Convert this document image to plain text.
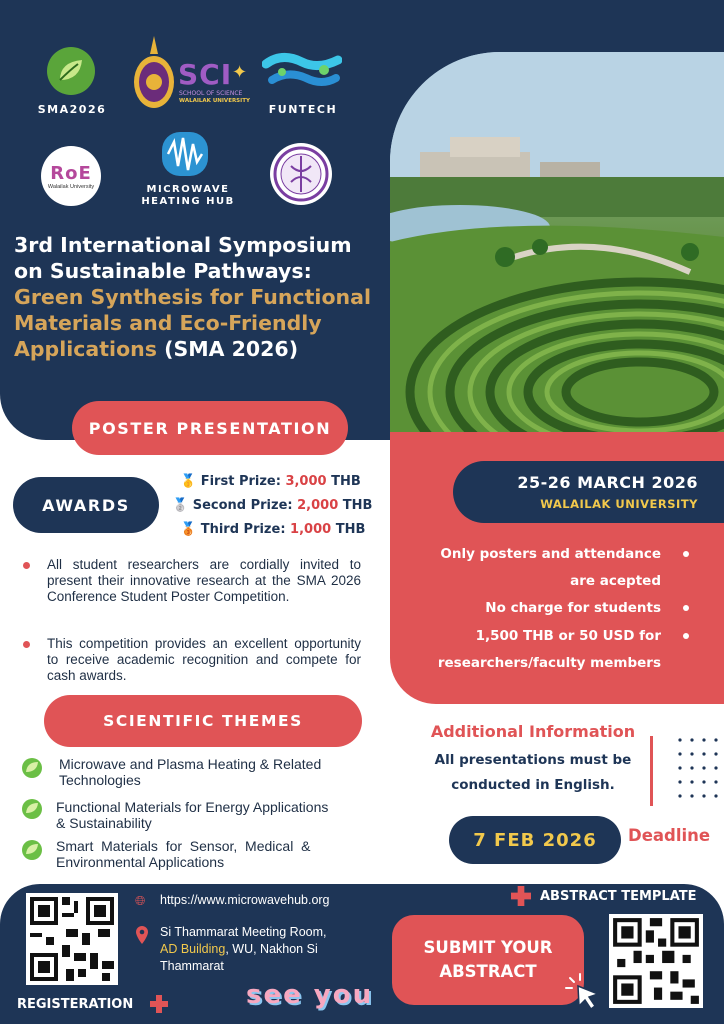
SMA2026
SCI ✦
SCHOOL OF SCIENCE
WALAILAK UNIVERSITY
FUNTECH
RoE
Walailak University	MICROWAVE
HEATING HUB
3rd International Symposium
on Sustainable Pathways:
Green Synthesis for Functional
Materials and Eco-Friendly
Applications (SMA 2026)
POSTER PRESENTATION
25-26 MARCH 2026
WALAILAK UNIVERSITY
Only posters and attendance
are acepted
No charge for students
1,500 THB or 50 USD for
researchers/faculty members
AWARDS
🥇 First Prize: 3,000 THB
🥈 Second Prize: 2,000 THB
🥉 Third Prize: 1,000 THB
All student researchers are cordially invited to present their innovative research at the SMA 2026 Conference Student Poster Competition.
This competition provides an excellent opportunity to receive academic recognition and compete for cash awards.
SCIENTIFIC THEMES
Microwave and Plasma Heating & Related
Technologies
Functional Materials for Energy Applications
& Sustainability
Smart  Materials  for  Sensor,  Medical  &
Environmental Applications
Additional Information
All presentations must be
conducted in English.
7 FEB 2026	Deadline
🌐︎ https://www.microwavehub.org
Si Thammarat Meeting Room,
AD Building, WU, Nakhon Si
Thammarat
REGISTERATION	see you
ABSTRACT TEMPLATE
SUBMIT YOUR
ABSTRACT
